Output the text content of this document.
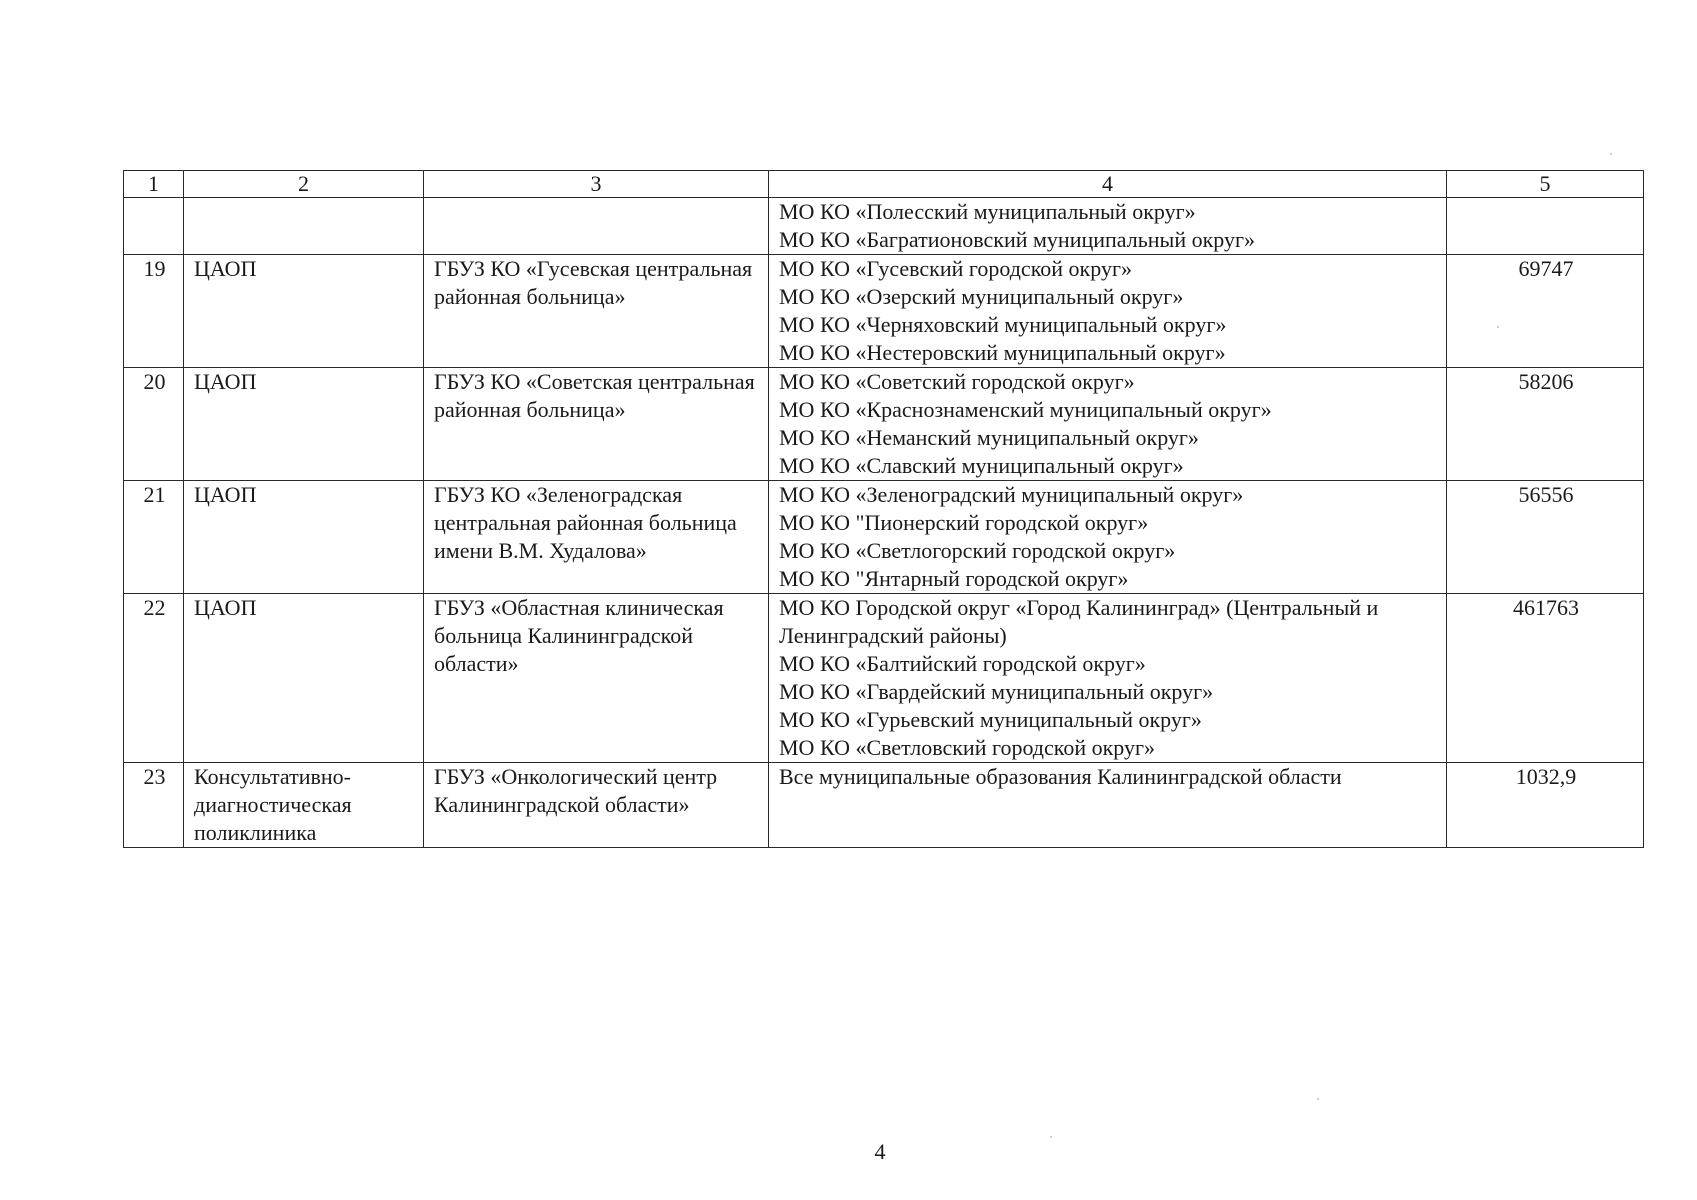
1	2	3	4	5

			МО КО «Полесский муниципальный округ»
МО КО «Багратионовский муниципальный округ»	

19	ЦАОП	ГБУЗ КО «Гусевская центральная районная больница»	МО КО «Гусевский городской округ»
МО КО «Озерский муниципальный округ»
МО КО «Черняховский муниципальный округ»
МО КО «Нестеровский муниципальный округ»	69747
20	ЦАОП	ГБУЗ КО «Советская центральная районная больница»	МО КО «Советский городской округ»
МО КО «Краснознаменский муниципальный округ»
МО КО «Неманский муниципальный округ»
МО КО «Славский муниципальный округ»	58206
21	ЦАОП	ГБУЗ КО «Зеленоградская центральная районная больница имени В.М. Худалова»	МО КО «Зеленоградский муниципальный округ»
МО КО "Пионерский городской округ»
МО КО «Светлогорский городской округ»
МО КО "Янтарный городской округ»	56556
22	ЦАОП	ГБУЗ «Областная клиническая больница Калининградской области»	МО КО Городской округ «Город Калининград» (Центральный и Ленинградский районы)
МО КО «Балтийский городской округ»
МО КО «Гвардейский муниципальный округ»
МО КО «Гурьевский муниципальный округ»
МО КО «Светловский городской округ»	461763
23	Консультативно-диагностическая поликлиника	ГБУЗ «Онкологический центр Калининградской области»	Все муниципальные образования Калининградской области	1032,9
4
